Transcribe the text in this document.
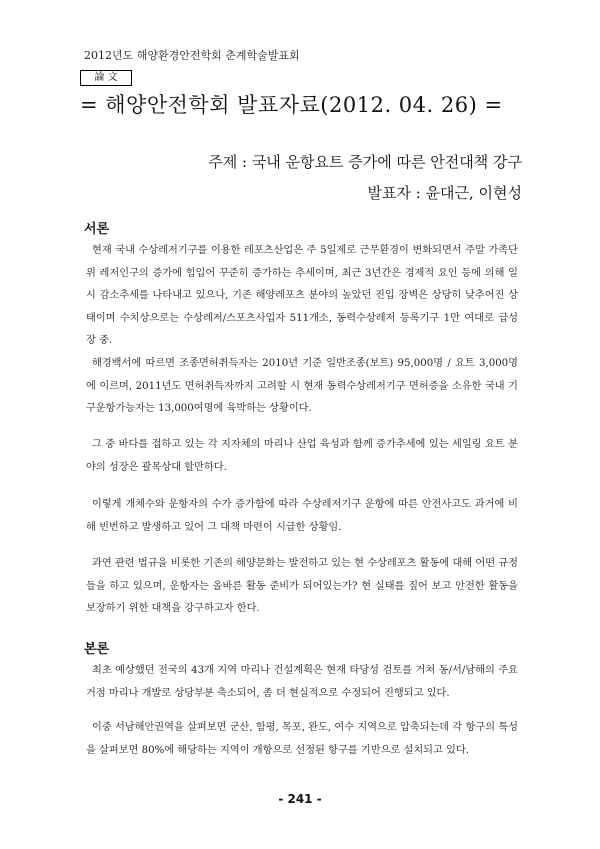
2012년도 해양환경안전학회 춘계학술발표회
論 文
= 해양안전학회 발표자료(2012. 04. 26) =
주제 : 국내 운항요트 증가에 따른 안전대책 강구
발표자 : 윤대근, 이현성
서론
현재 국내 수상레저기구를 이용한 레포츠산업은 주 5일제로 근무환경이 변화되면서 주말 가족단위 레저인구의 증가에 힘입어 꾸준히 증가하는 추세이며, 최근 3년간은 경제적 요인 등에 의해 일시 감소추세를 나타내고 있으나, 기존 해양레포츠 분야의 높았던 진입 장벽은 상당히 낮추어진 상태이며 수치상으로는 수상레저/스포츠사업자 511개소, 동력수상레저 등록기구 1만 여대로 급성장 중.
해경백서에 따르면 조종면허취득자는 2010년 기준 일반조종(보트) 95,000명 / 요트 3,000명에 이르며, 2011년도 면허취득자까지 고려할 시 현재 동력수상레저기구 면허증을 소유한 국내 기구운항가능자는 13,000여명에 육박하는 상황이다.
그 중 바다를 접하고 있는 각 지자체의 마리나 산업 육성과 함께 증가추세에 있는 세일링 요트 분야의 성장은 괄목상대 할만하다.
이렇게 개체수와 운항자의 수가 증가함에 따라 수상레저기구 운항에 따른 안전사고도 과거에 비해 빈번하고 발생하고 있어 그 대책 마련이 시급한 상황임.
과연 관련 법규을 비롯한 기존의 해양문화는 발전하고 있는 현 수상레포츠 활동에 대해 어떤 규정들을 하고 있으며, 운항자는 올바른 활동 준비가 되어있는가? 현 실태를 짚어 보고 안전한 활동을 보장하기 위한 대책을 강구하고자 한다.
본론
최초 예상했던 전국의 43개 지역 마리나 건설계획은 현재 타당성 검토를 거쳐 동/서/남해의 주요 거점 마리나 개발로 상당부분 축소되어, 좀 더 현실적으로 수정되어 진행되고 있다.
이중 서남해안권역을 살펴보면 군산, 함평, 목포, 완도, 여수 지역으로 압축되는데 각 항구의 특성을 살펴보면 80%에 해당하는 지역이 개항으로 선정된 항구를 기반으로 설치되고 있다.
- 241 -
